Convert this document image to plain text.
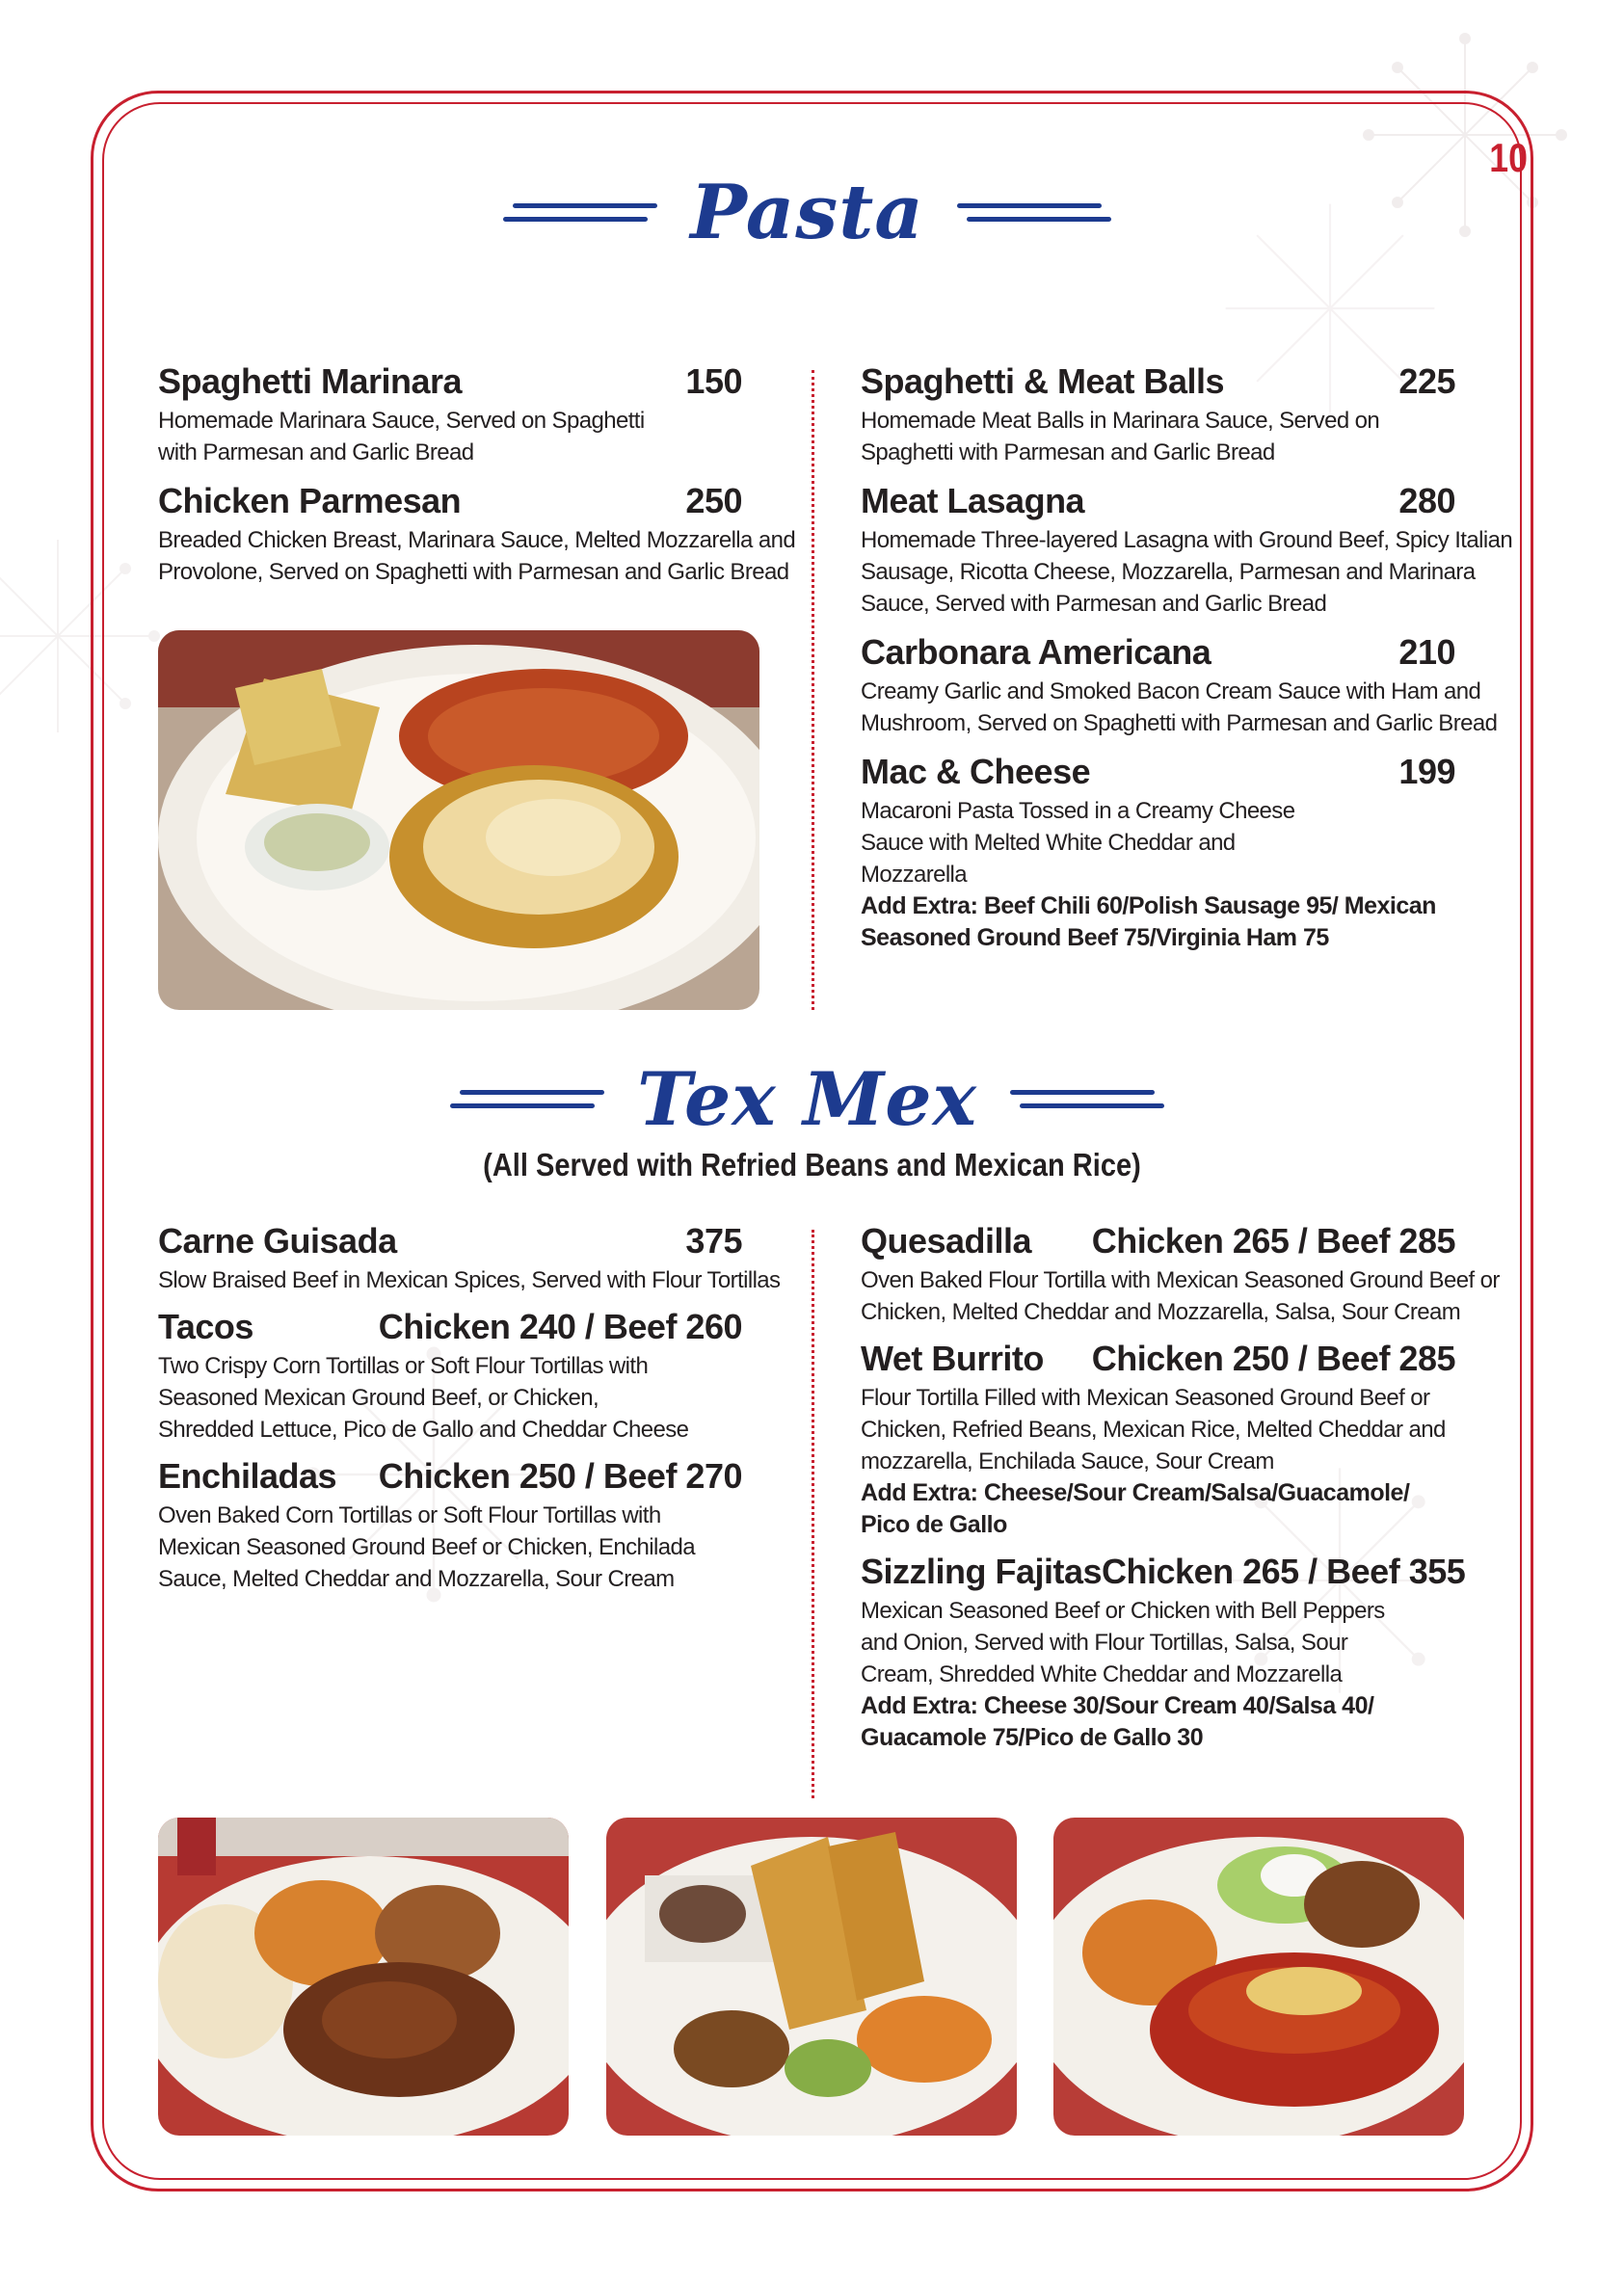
10
Pasta
Spaghetti Marinara	150
Homemade Marinara Sauce, Served on Spaghetti with Parmesan and Garlic Bread
Chicken Parmesan	250
Breaded Chicken Breast, Marinara Sauce, Melted Mozzarella and Provolone, Served on Spaghetti with Parmesan and Garlic Bread
Spaghetti & Meat Balls	225
Homemade Meat Balls in Marinara Sauce, Served on Spaghetti with Parmesan and Garlic Bread
Meat Lasagna	280
Homemade Three-layered Lasagna with Ground Beef, Spicy Italian Sausage, Ricotta Cheese, Mozzarella, Parmesan and Marinara Sauce, Served with Parmesan and Garlic Bread
Carbonara Americana	210
Creamy Garlic and Smoked Bacon Cream Sauce with Ham and Mushroom, Served on Spaghetti with Parmesan and Garlic Bread
Mac & Cheese	199
Macaroni Pasta Tossed in a Creamy Cheese Sauce with Melted White Cheddar and Mozzarella
Add Extra: Beef Chili 60/Polish Sausage 95/ Mexican Seasoned Ground Beef 75/Virginia Ham 75
Tex Mex
(All Served with Refried Beans and Mexican Rice)
Carne Guisada	375
Slow Braised Beef in Mexican Spices, Served with Flour Tortillas
Tacos	Chicken 240 / Beef 260
Two Crispy Corn Tortillas or Soft Flour Tortillas with Seasoned Mexican Ground Beef, or Chicken, Shredded Lettuce, Pico de Gallo and Cheddar Cheese
Enchiladas Chicken 250 / Beef 270
Oven Baked Corn Tortillas or Soft Flour Tortillas with Mexican Seasoned Ground Beef or Chicken, Enchilada Sauce, Melted Cheddar and Mozzarella, Sour Cream
Quesadilla Chicken 265 / Beef 285
Oven Baked Flour Tortilla with Mexican Seasoned Ground Beef or Chicken, Melted Cheddar and Mozzarella, Salsa, Sour Cream
Wet Burrito Chicken 250 / Beef 285
Flour Tortilla Filled with Mexican Seasoned Ground Beef or Chicken, Refried Beans, Mexican Rice, Melted Cheddar and mozzarella, Enchilada Sauce, Sour Cream
Add Extra: Cheese/Sour Cream/Salsa/Guacamole/ Pico de Gallo
Sizzling Fajitas Chicken 265 / Beef 355
Mexican Seasoned Beef or Chicken with Bell Peppers and Onion, Served with Flour Tortillas, Salsa, Sour Cream, Shredded White Cheddar and Mozzarella
Add Extra: Cheese 30/Sour Cream 40/Salsa 40/ Guacamole 75/Pico de Gallo 30
